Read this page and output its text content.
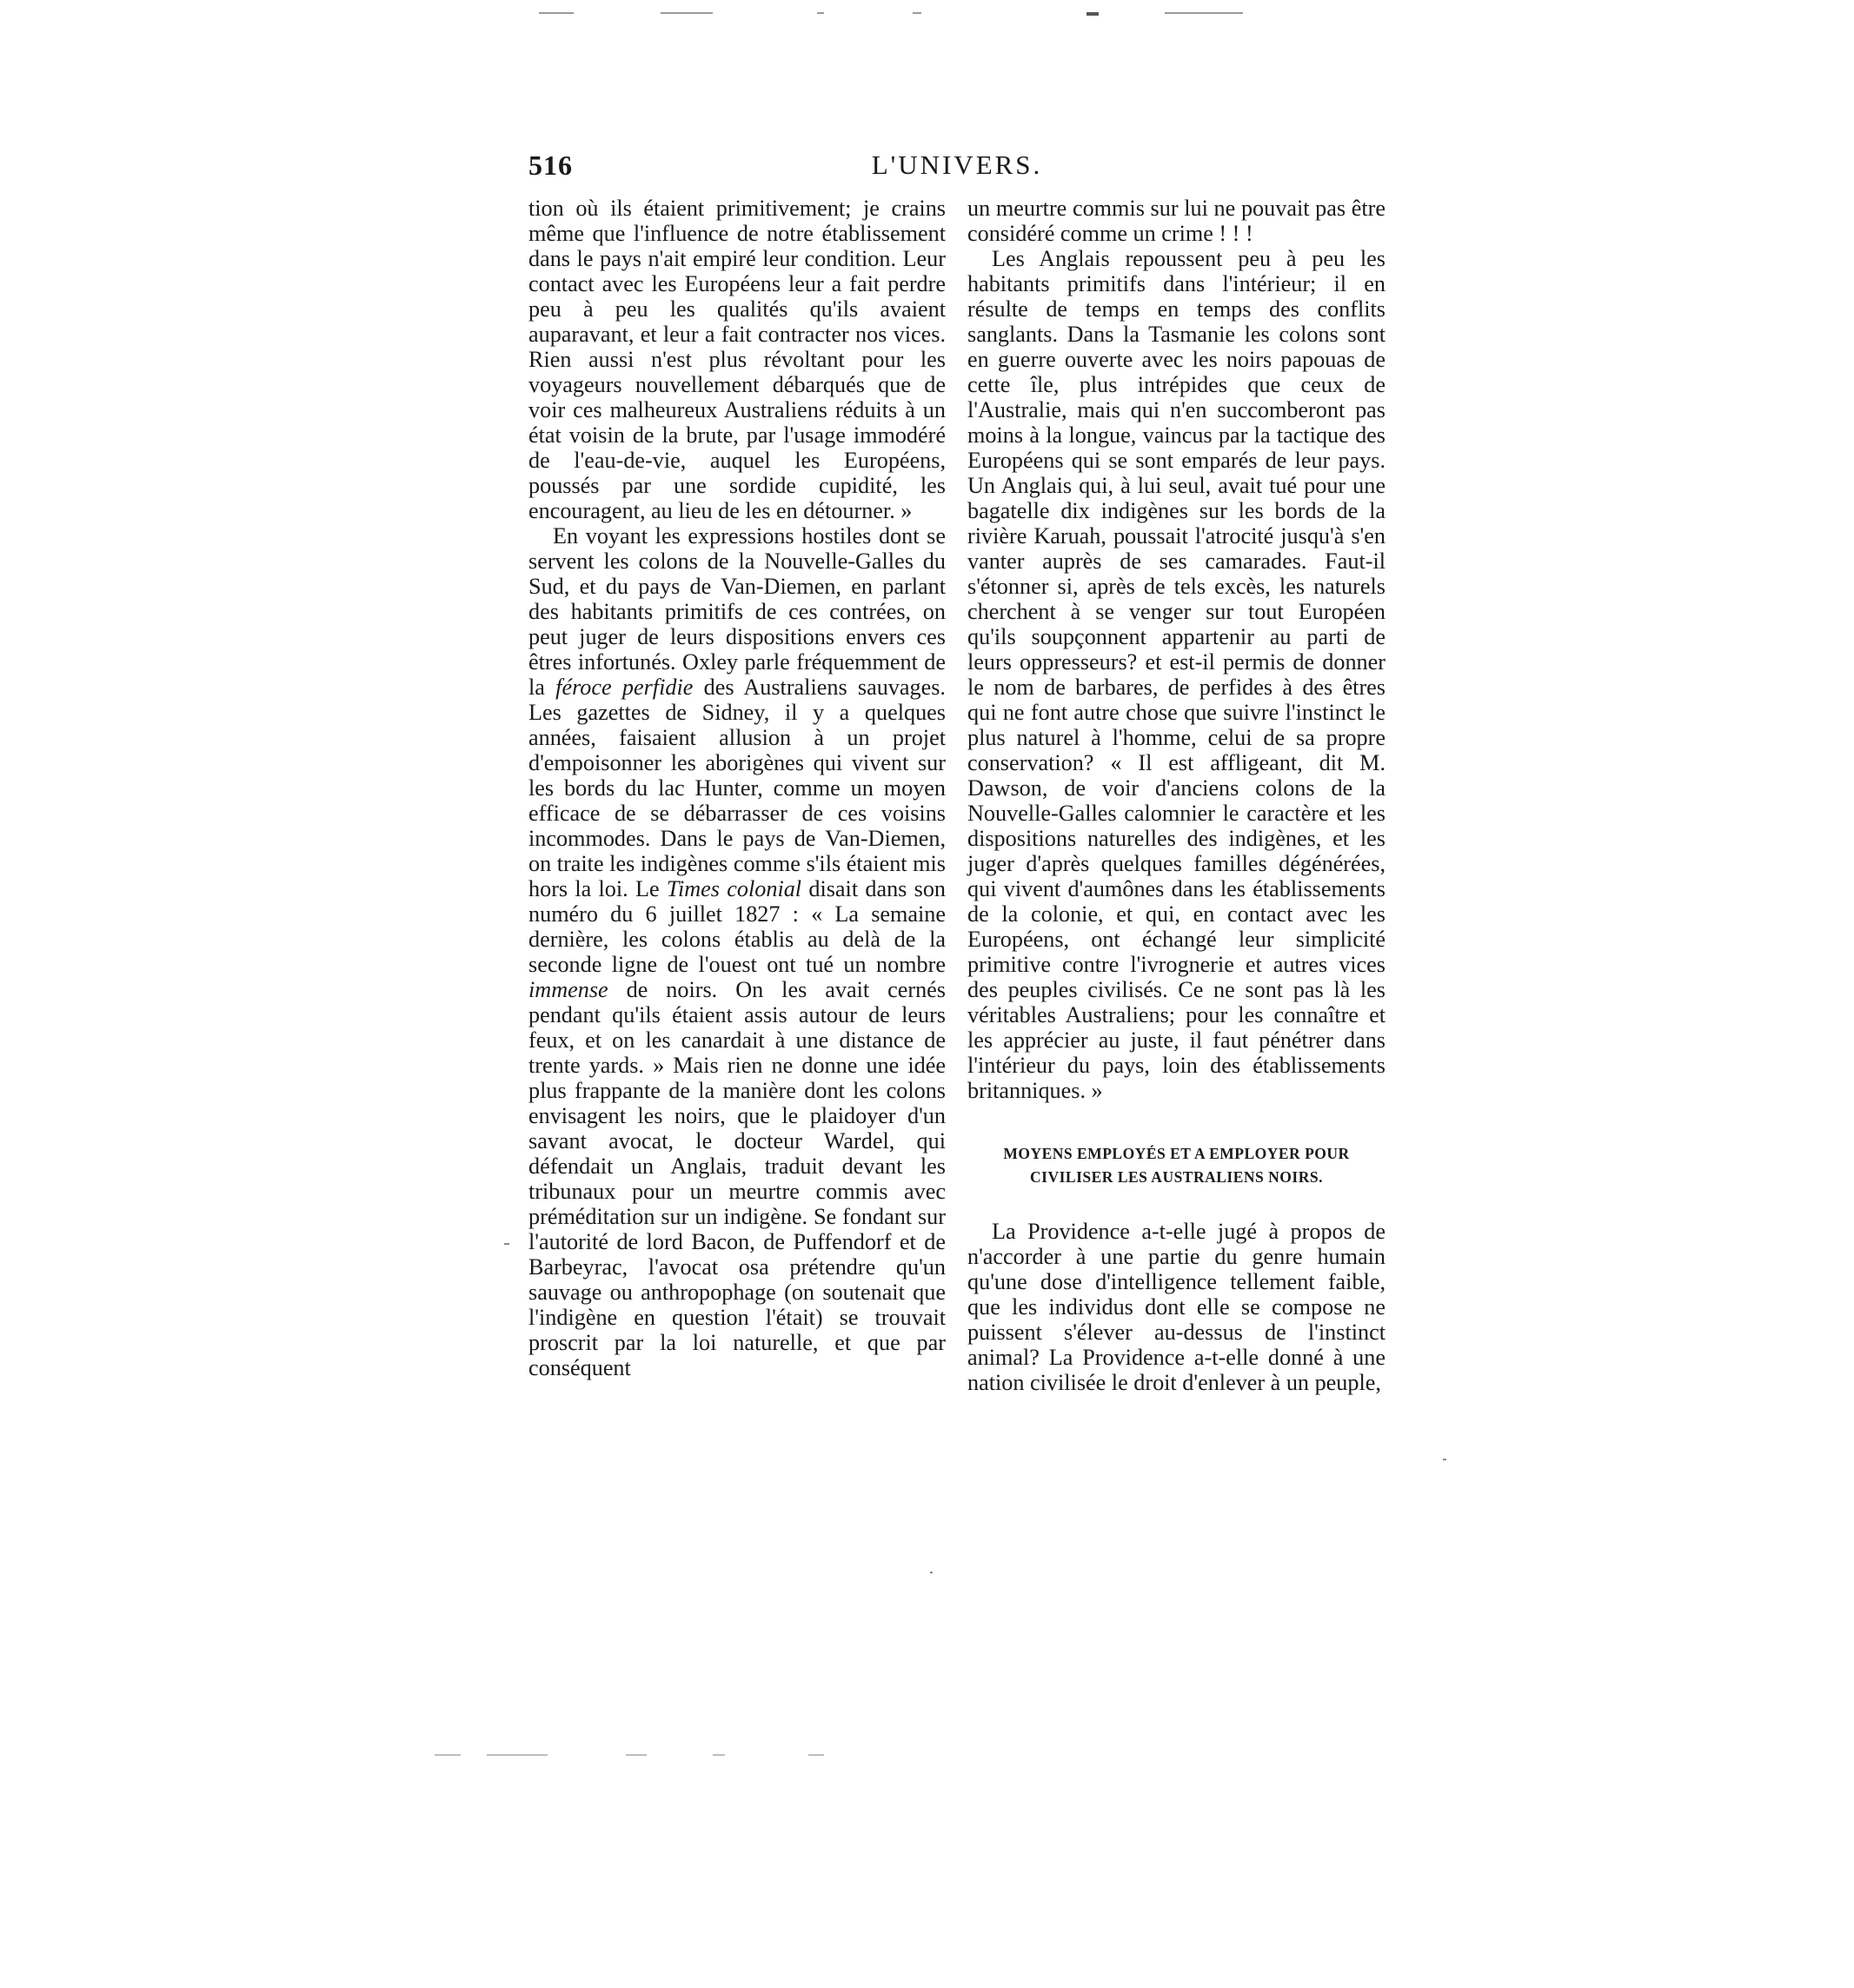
516	L'UNIVERS.

tion où ils étaient primitivement; je crains même que l'influence de notre établissement dans le pays n'ait empiré leur condition. Leur contact avec les Européens leur a fait perdre peu à peu les qualités qu'ils avaient auparavant, et leur a fait contracter nos vices. Rien aussi n'est plus révoltant pour les voyageurs nouvellement débarqués que de voir ces malheureux Australiens réduits à un état voisin de la brute, par l'usage immodéré de l'eau-de-vie, auquel les Européens, poussés par une sordide cupidité, les encouragent, au lieu de les en détourner. »

En voyant les expressions hostiles dont se servent les colons de la Nouvelle-Galles du Sud, et du pays de Van-Diemen, en parlant des habitants primitifs de ces contrées, on peut juger de leurs dispositions envers ces êtres infortunés. Oxley parle fréquemment de la féroce perfidie des Australiens sauvages. Les gazettes de Sidney, il y a quelques années, faisaient allusion à un projet d'empoisonner les aborigènes qui vivent sur les bords du lac Hunter, comme un moyen efficace de se débarrasser de ces voisins incommodes. Dans le pays de Van-Diemen, on traite les indigènes comme s'ils étaient mis hors la loi. Le Times colonial disait dans son numéro du 6 juillet 1827 : « La semaine dernière, les colons établis au delà de la seconde ligne de l'ouest ont tué un nombre immense de noirs. On les avait cernés pendant qu'ils étaient assis autour de leurs feux, et on les canardait à une distance de trente yards. » Mais rien ne donne une idée plus frappante de la manière dont les colons envisagent les noirs, que le plaidoyer d'un savant avocat, le docteur Wardel, qui défendait un Anglais, traduit devant les tribunaux pour un meurtre commis avec préméditation sur un indigène. Se fondant sur l'autorité de lord Bacon, de Puffendorf et de Barbeyrac, l'avocat osa prétendre qu'un sauvage ou anthropophage (on soutenait que l'indigène en question l'était) se trouvait proscrit par la loi naturelle, et que par conséquent

un meurtre commis sur lui ne pouvait pas être considéré comme un crime ! ! !

Les Anglais repoussent peu à peu les habitants primitifs dans l'intérieur; il en résulte de temps en temps des conflits sanglants. Dans la Tasmanie les colons sont en guerre ouverte avec les noirs papouas de cette île, plus intrépides que ceux de l'Australie, mais qui n'en succomberont pas moins à la longue, vaincus par la tactique des Européens qui se sont emparés de leur pays. Un Anglais qui, à lui seul, avait tué pour une bagatelle dix indigènes sur les bords de la rivière Karuah, poussait l'atrocité jusqu'à s'en vanter auprès de ses camarades. Faut-il s'étonner si, après de tels excès, les naturels cherchent à se venger sur tout Européen qu'ils soupçonnent appartenir au parti de leurs oppresseurs? et est-il permis de donner le nom de barbares, de perfides à des êtres qui ne font autre chose que suivre l'instinct le plus naturel à l'homme, celui de sa propre conservation? « Il est affligeant, dit M. Dawson, de voir d'anciens colons de la Nouvelle-Galles calomnier le caractère et les dispositions naturelles des indigènes, et les juger d'après quelques familles dégénérées, qui vivent d'aumônes dans les établissements de la colonie, et qui, en contact avec les Européens, ont échangé leur simplicité primitive contre l'ivrognerie et autres vices des peuples civilisés. Ce ne sont pas là les véritables Australiens; pour les connaître et les apprécier au juste, il faut pénétrer dans l'intérieur du pays, loin des établissements britanniques. »

MOYENS EMPLOYÉS ET A EMPLOYER POUR
CIVILISER LES AUSTRALIENS NOIRS.

La Providence a-t-elle jugé à propos de n'accorder à une partie du genre humain qu'une dose d'intelligence tellement faible, que les individus dont elle se compose ne puissent s'élever au-dessus de l'instinct animal? La Providence a-t-elle donné à une nation civilisée le droit d'enlever à un peuple,
